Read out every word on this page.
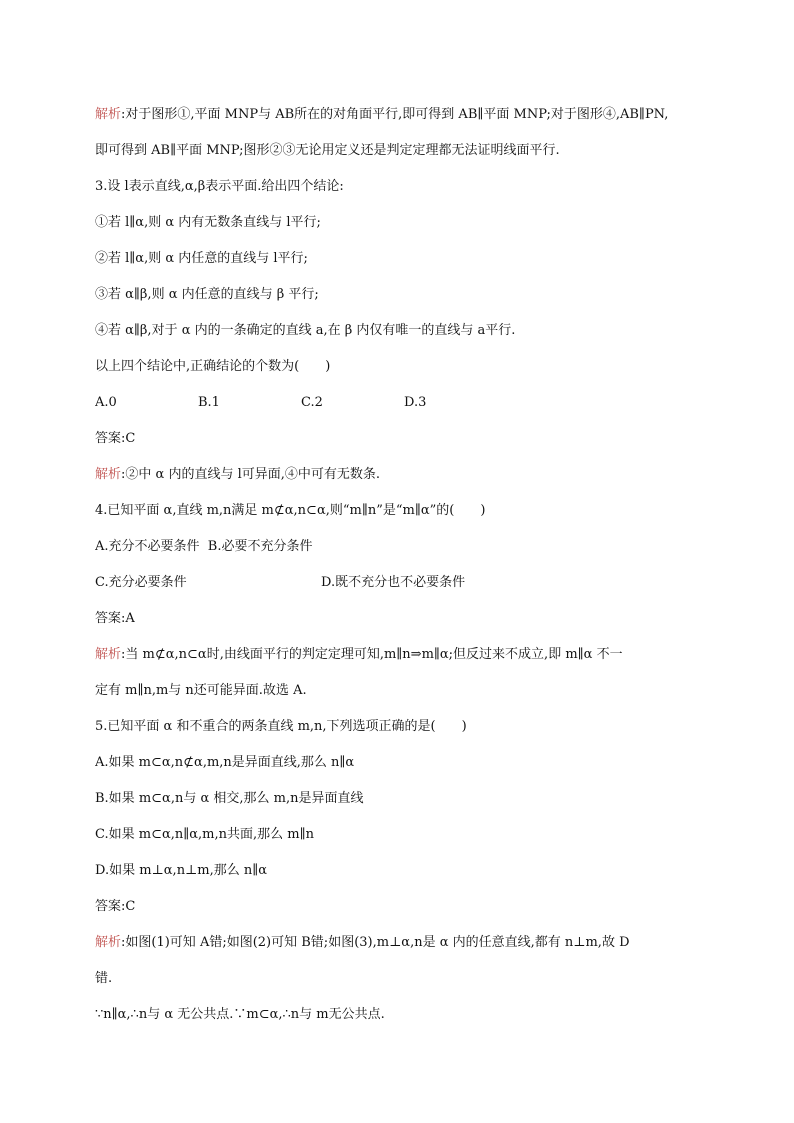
解析:对于图形①,平面 MNP与 AB所在的对角面平行,即可得到 AB∥平面 MNP;对于图形④,AB∥PN,
即可得到 AB∥平面 MNP;图形②③无论用定义还是判定定理都无法证明线面平行.
3.设 l表示直线,α,β表示平面.给出四个结论:
①若 l∥α,则 α 内有无数条直线与 l平行;
②若 l∥α,则 α 内任意的直线与 l平行;
③若 α∥β,则 α 内任意的直线与 β 平行;
④若 α∥β,对于 α 内的一条确定的直线 a,在 β 内仅有唯一的直线与 a平行.
以上四个结论中,正确结论的个数为(　　)
A.0	B.1	C.2	D.3
答案:C
解析:②中 α 内的直线与 l可异面,④中可有无数条.
4.已知平面 α,直线 m,n满足 m⊄α,n⊂α,则“m∥n”是“m∥α”的(　　)
A.充分不必要条件 B.必要不充分条件
C.充分必要条件	D.既不充分也不必要条件
答案:A
解析:当 m⊄α,n⊂α时,由线面平行的判定定理可知,m∥n⇒m∥α;但反过来不成立,即 m∥α 不一
定有 m∥n,m与 n还可能异面.故选 A.
5.已知平面 α 和不重合的两条直线 m,n,下列选项正确的是(　　)
A.如果 m⊂α,n⊄α,m,n是异面直线,那么 n∥α
B.如果 m⊂α,n与 α 相交,那么 m,n是异面直线
C.如果 m⊂α,n∥α,m,n共面,那么 m∥n
D.如果 m⊥α,n⊥m,那么 n∥α
答案:C
解析:如图(1)可知 A错;如图(2)可知 B错;如图(3),m⊥α,n是 α 内的任意直线,都有 n⊥m,故 D
错.
∵n∥α,∴n与 α 无公共点.∵m⊂α,∴n与 m无公共点.
